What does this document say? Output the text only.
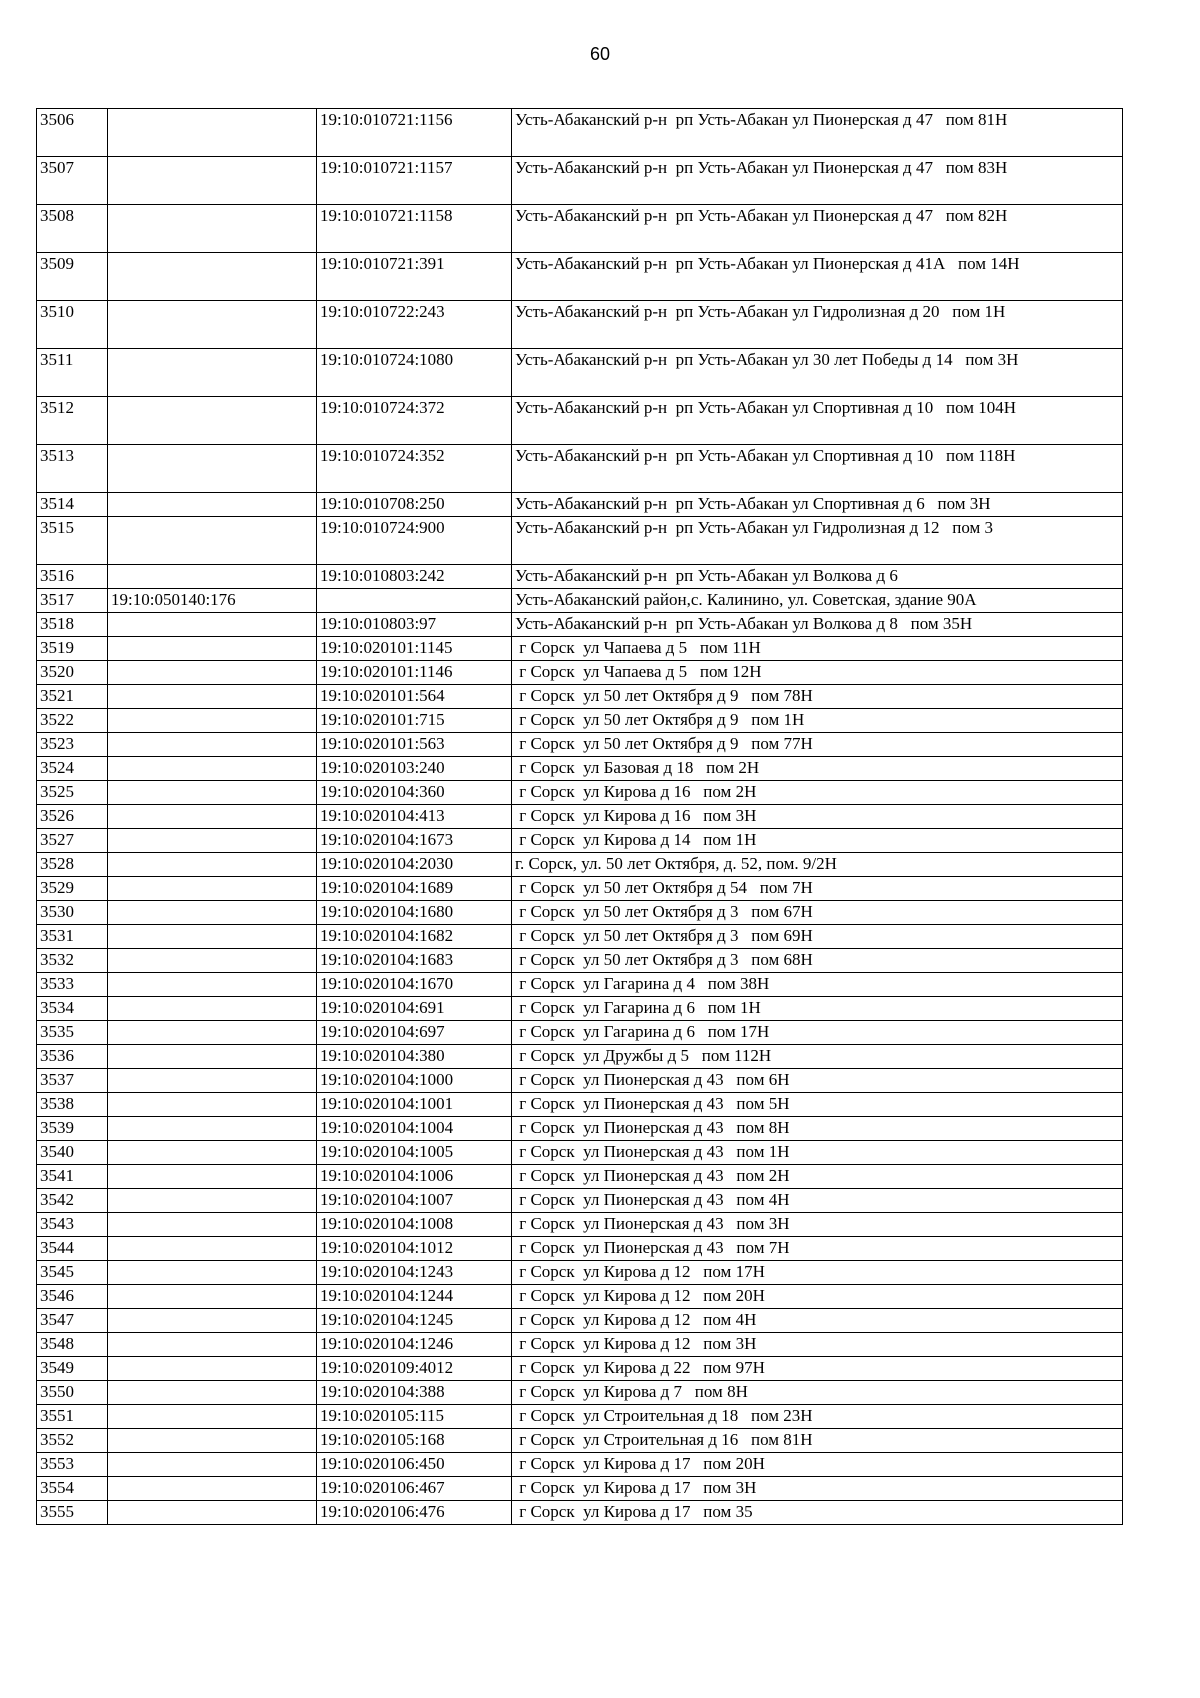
60
3506		19:10:010721:1156	Усть-Абаканский р-н  рп Усть-Абакан ул Пионерская д 47   пом 81Н
3507		19:10:010721:1157	Усть-Абаканский р-н  рп Усть-Абакан ул Пионерская д 47   пом 83Н
3508		19:10:010721:1158	Усть-Абаканский р-н  рп Усть-Абакан ул Пионерская д 47   пом 82Н
3509		19:10:010721:391	Усть-Абаканский р-н  рп Усть-Абакан ул Пионерская д 41А   пом 14Н
3510		19:10:010722:243	Усть-Абаканский р-н  рп Усть-Абакан ул Гидролизная д 20   пом 1Н
3511		19:10:010724:1080	Усть-Абаканский р-н  рп Усть-Абакан ул 30 лет Победы д 14   пом 3Н
3512		19:10:010724:372	Усть-Абаканский р-н  рп Усть-Абакан ул Спортивная д 10   пом 104Н
3513		19:10:010724:352	Усть-Абаканский р-н  рп Усть-Абакан ул Спортивная д 10   пом 118Н
3514		19:10:010708:250	Усть-Абаканский р-н  рп Усть-Абакан ул Спортивная д 6   пом 3Н
3515		19:10:010724:900	Усть-Абаканский р-н  рп Усть-Абакан ул Гидролизная д 12   пом 3
3516		19:10:010803:242	Усть-Абаканский р-н  рп Усть-Абакан ул Волкова д 6
3517	19:10:050140:176		Усть-Абаканский район,с. Калинино, ул. Советская, здание 90А
3518		19:10:010803:97	Усть-Абаканский р-н  рп Усть-Абакан ул Волкова д 8   пом 35Н
3519		19:10:020101:1145	г Сорск  ул Чапаева д 5   пом 11Н
3520		19:10:020101:1146	г Сорск  ул Чапаева д 5   пом 12Н
3521		19:10:020101:564	г Сорск  ул 50 лет Октября д 9   пом 78Н
3522		19:10:020101:715	г Сорск  ул 50 лет Октября д 9   пом 1Н
3523		19:10:020101:563	г Сорск  ул 50 лет Октября д 9   пом 77Н
3524		19:10:020103:240	г Сорск  ул Базовая д 18   пом 2Н
3525		19:10:020104:360	г Сорск  ул Кирова д 16   пом 2Н
3526		19:10:020104:413	г Сорск  ул Кирова д 16   пом 3Н
3527		19:10:020104:1673	г Сорск  ул Кирова д 14   пом 1Н
3528		19:10:020104:2030	г. Сорск, ул. 50 лет Октября, д. 52, пом. 9/2Н
3529		19:10:020104:1689	г Сорск  ул 50 лет Октября д 54   пом 7Н
3530		19:10:020104:1680	г Сорск  ул 50 лет Октября д 3   пом 67Н
3531		19:10:020104:1682	г Сорск  ул 50 лет Октября д 3   пом 69Н
3532		19:10:020104:1683	г Сорск  ул 50 лет Октября д 3   пом 68Н
3533		19:10:020104:1670	г Сорск  ул Гагарина д 4   пом 38Н
3534		19:10:020104:691	г Сорск  ул Гагарина д 6   пом 1Н
3535		19:10:020104:697	г Сорск  ул Гагарина д 6   пом 17Н
3536		19:10:020104:380	г Сорск  ул Дружбы д 5   пом 112Н
3537		19:10:020104:1000	г Сорск  ул Пионерская д 43   пом 6Н
3538		19:10:020104:1001	г Сорск  ул Пионерская д 43   пом 5Н
3539		19:10:020104:1004	г Сорск  ул Пионерская д 43   пом 8Н
3540		19:10:020104:1005	г Сорск  ул Пионерская д 43   пом 1Н
3541		19:10:020104:1006	г Сорск  ул Пионерская д 43   пом 2Н
3542		19:10:020104:1007	г Сорск  ул Пионерская д 43   пом 4Н
3543		19:10:020104:1008	г Сорск  ул Пионерская д 43   пом 3Н
3544		19:10:020104:1012	г Сорск  ул Пионерская д 43   пом 7Н
3545		19:10:020104:1243	г Сорск  ул Кирова д 12   пом 17Н
3546		19:10:020104:1244	г Сорск  ул Кирова д 12   пом 20Н
3547		19:10:020104:1245	г Сорск  ул Кирова д 12   пом 4Н
3548		19:10:020104:1246	г Сорск  ул Кирова д 12   пом 3Н
3549		19:10:020109:4012	г Сорск  ул Кирова д 22   пом 97Н
3550		19:10:020104:388	г Сорск  ул Кирова д 7   пом 8Н
3551		19:10:020105:115	г Сорск  ул Строительная д 18   пом 23Н
3552		19:10:020105:168	г Сорск  ул Строительная д 16   пом 81Н
3553		19:10:020106:450	г Сорск  ул Кирова д 17   пом 20Н
3554		19:10:020106:467	г Сорск  ул Кирова д 17   пом 3Н
3555		19:10:020106:476	г Сорск  ул Кирова д 17   пом 35
